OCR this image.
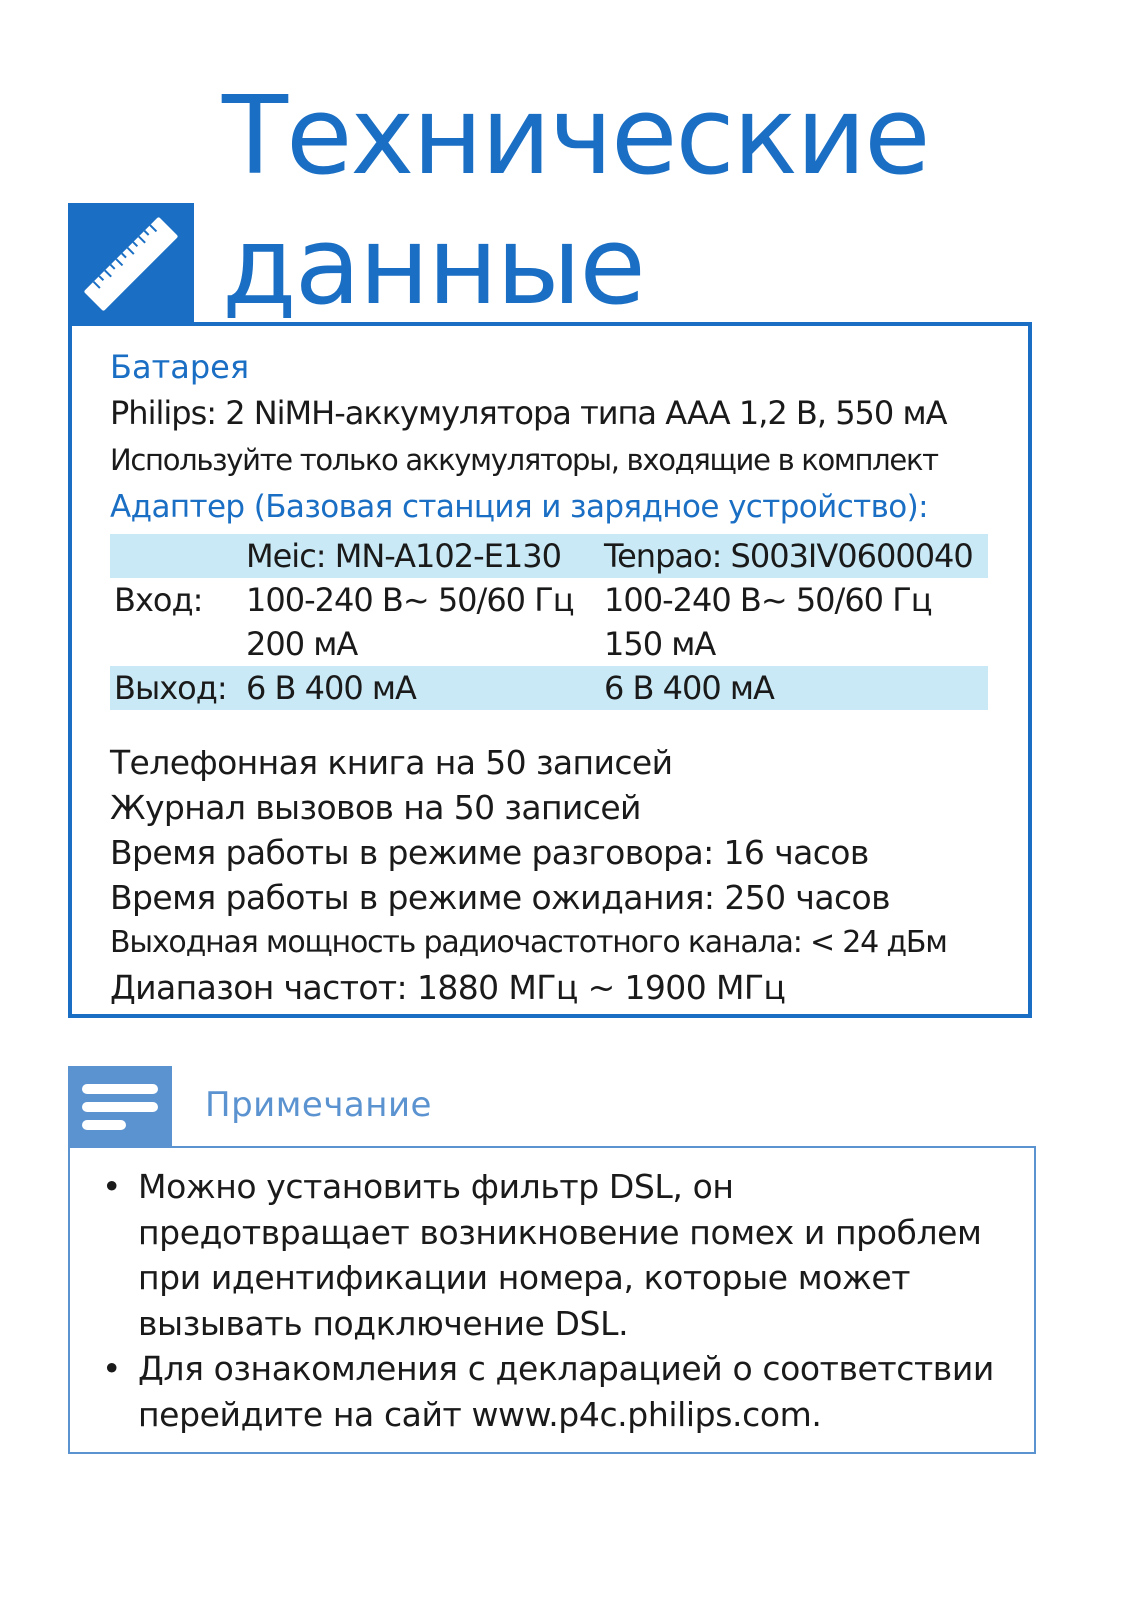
Технические
данные
Батарея
Philips: 2 NiMH-аккумулятора типа AAA 1,2 В, 550 мА
Используйте только аккумуляторы, входящие в комплект
Адаптер (Базовая станция и зарядное устройство):
	Meic: MN-A102-E130	Tenpao: S003IV0600040
Вход:	100-240 В~ 50/60 Гц	100-240 В~ 50/60 Гц
	200 мА	150 мА
Выход:	6 В 400 мА	6 В 400 мА
Телефонная книга на 50 записей
Журнал вызовов на 50 записей
Время работы в режиме разговора: 16 часов
Время работы в режиме ожидания: 250 часов
Выходная мощность радиочастотного канала: < 24 дБм
Диапазон частот: 1880 МГц ~ 1900 МГц
Примечание
• Можно установить фильтр DSL, он предотвращает возникновение помех и проблем при идентификации номера, которые может вызывать подключение DSL.
• Для ознакомления с декларацией о соответствии перейдите на сайт www.p4c.philips.com.
